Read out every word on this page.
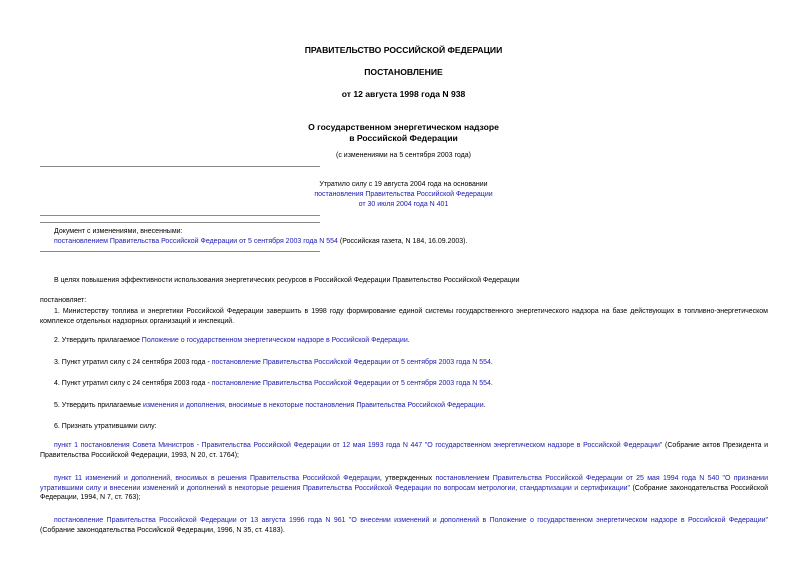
ПРАВИТЕЛЬСТВО РОССИЙСКОЙ ФЕДЕРАЦИИ
ПОСТАНОВЛЕНИЕ
от 12 августа 1998 года N 938
О государственном энергетическом надзоре
в Российской Федерации
(с изменениями на 5 сентября 2003 года)
Утратило силу с 19 августа 2004 года на основании
постановления Правительства Российской Федерации
от 30 июля 2004 года N 401
Документ с изменениями, внесенными:
постановлением Правительства Российской Федерации от 5 сентября 2003 года N 554 (Российская газета, N 184, 16.09.2003).
В целях повышения эффективности использования энергетических ресурсов в Российской Федерации Правительство Российской Федерации
постановляет:
1. Министерству топлива и энергетики Российской Федерации завершить в 1998 году формирование единой системы государственного энергетического надзора на базе действующих в топливно-энергетическом комплексе отдельных надзорных организаций и инспекций.
2. Утвердить прилагаемое Положение о государственном энергетическом надзоре в Российской Федерации.
3. Пункт утратил силу с 24 сентября 2003 года - постановление Правительства Российской Федерации от 5 сентября 2003 года N 554.
4. Пункт утратил силу с 24 сентября 2003 года - постановление Правительства Российской Федерации от 5 сентября 2003 года N 554.
5. Утвердить прилагаемые изменения и дополнения, вносимые в некоторые постановления Правительства Российской Федерации.
6. Признать утратившими силу:
пункт 1 постановления Совета Министров - Правительства Российской Федерации от 12 мая 1993 года N 447 "О государственном энергетическом надзоре в Российской Федерации" (Собрание актов Президента и Правительства Российской Федерации, 1993, N 20, ст. 1764);
пункт 11 изменений и дополнений, вносимых в решения Правительства Российской Федерации, утвержденных постановлением Правительства Российской Федерации от 25 мая 1994 года N 540 "О признании утратившими силу и внесении изменений и дополнений в некоторые решения Правительства Российской Федерации по вопросам метрологии, стандартизации и сертификации" (Собрание законодательства Российской Федерации, 1994, N 7, ст. 763);
постановление Правительства Российской Федерации от 13 августа 1996 года N 961 "О внесении изменений и дополнений в Положение о государственном энергетическом надзоре в Российской Федерации" (Собрание законодательства Российской Федерации, 1996, N 35, ст. 4183).
